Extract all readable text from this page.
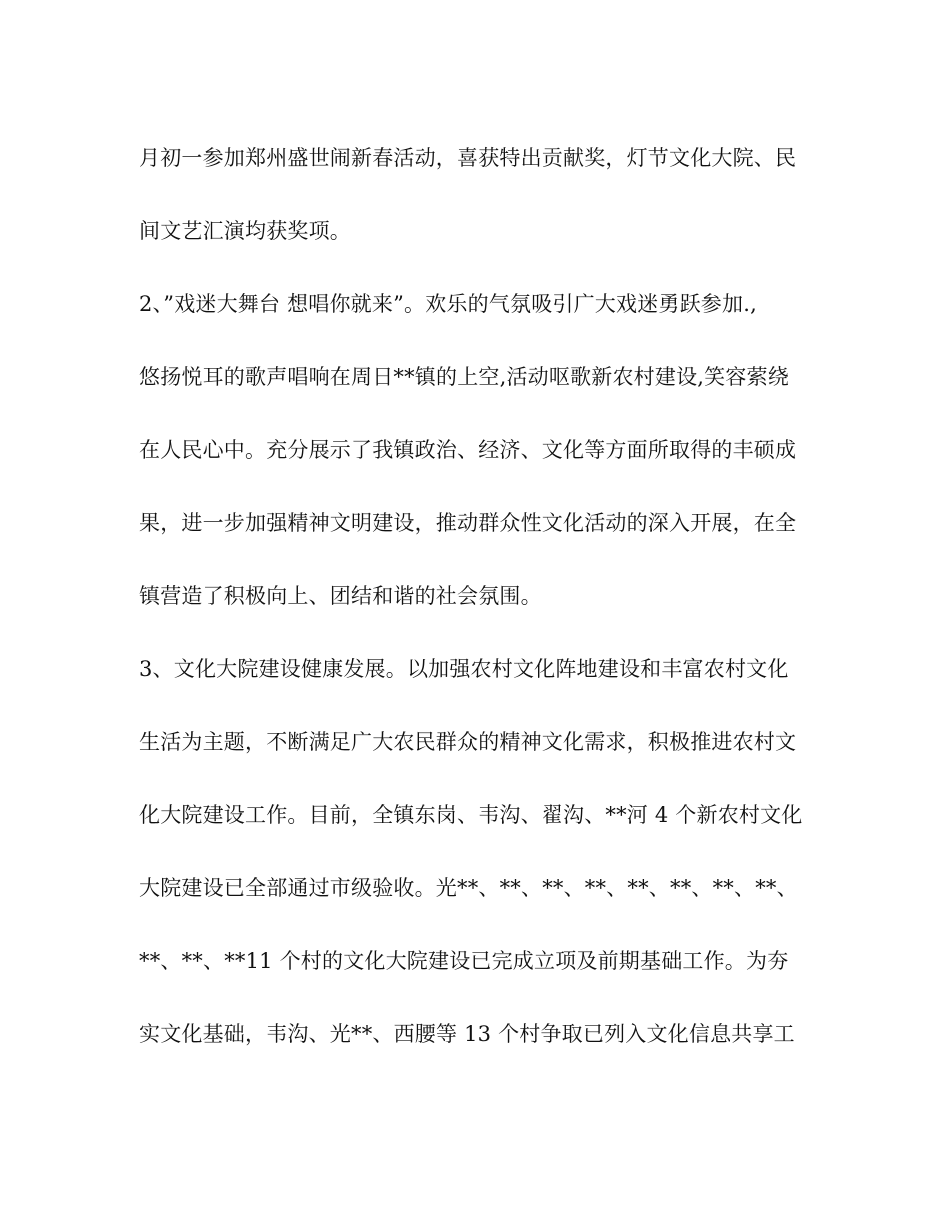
月初一参加郑州盛世闹新春活动，喜获特出贡献奖，灯节文化大院、民
间文艺汇演均获奖项。
2、”戏迷大舞台 想唱你就来”。欢乐的气氛吸引广大戏迷勇跃参加.,
悠扬悦耳的歌声唱响在周日**镇的上空,活动呕歌新农村建设,笑容萦绕
在人民心中。充分展示了我镇政治、经济、文化等方面所取得的丰硕成
果，进一步加强精神文明建设，推动群众性文化活动的深入开展，在全
镇营造了积极向上、团结和谐的社会氛围。
3、文化大院建设健康发展。以加强农村文化阵地建设和丰富农村文化
生活为主题，不断满足广大农民群众的精神文化需求，积极推进农村文
化大院建设工作。目前，全镇东岗、韦沟、翟沟、**河 4 个新农村文化
大院建设已全部通过市级验收。光**、**、**、**、**、**、**、**、
**、**、**11 个村的文化大院建设已完成立项及前期基础工作。为夯
实文化基础，韦沟、光**、西腰等 13 个村争取已列入文化信息共享工
